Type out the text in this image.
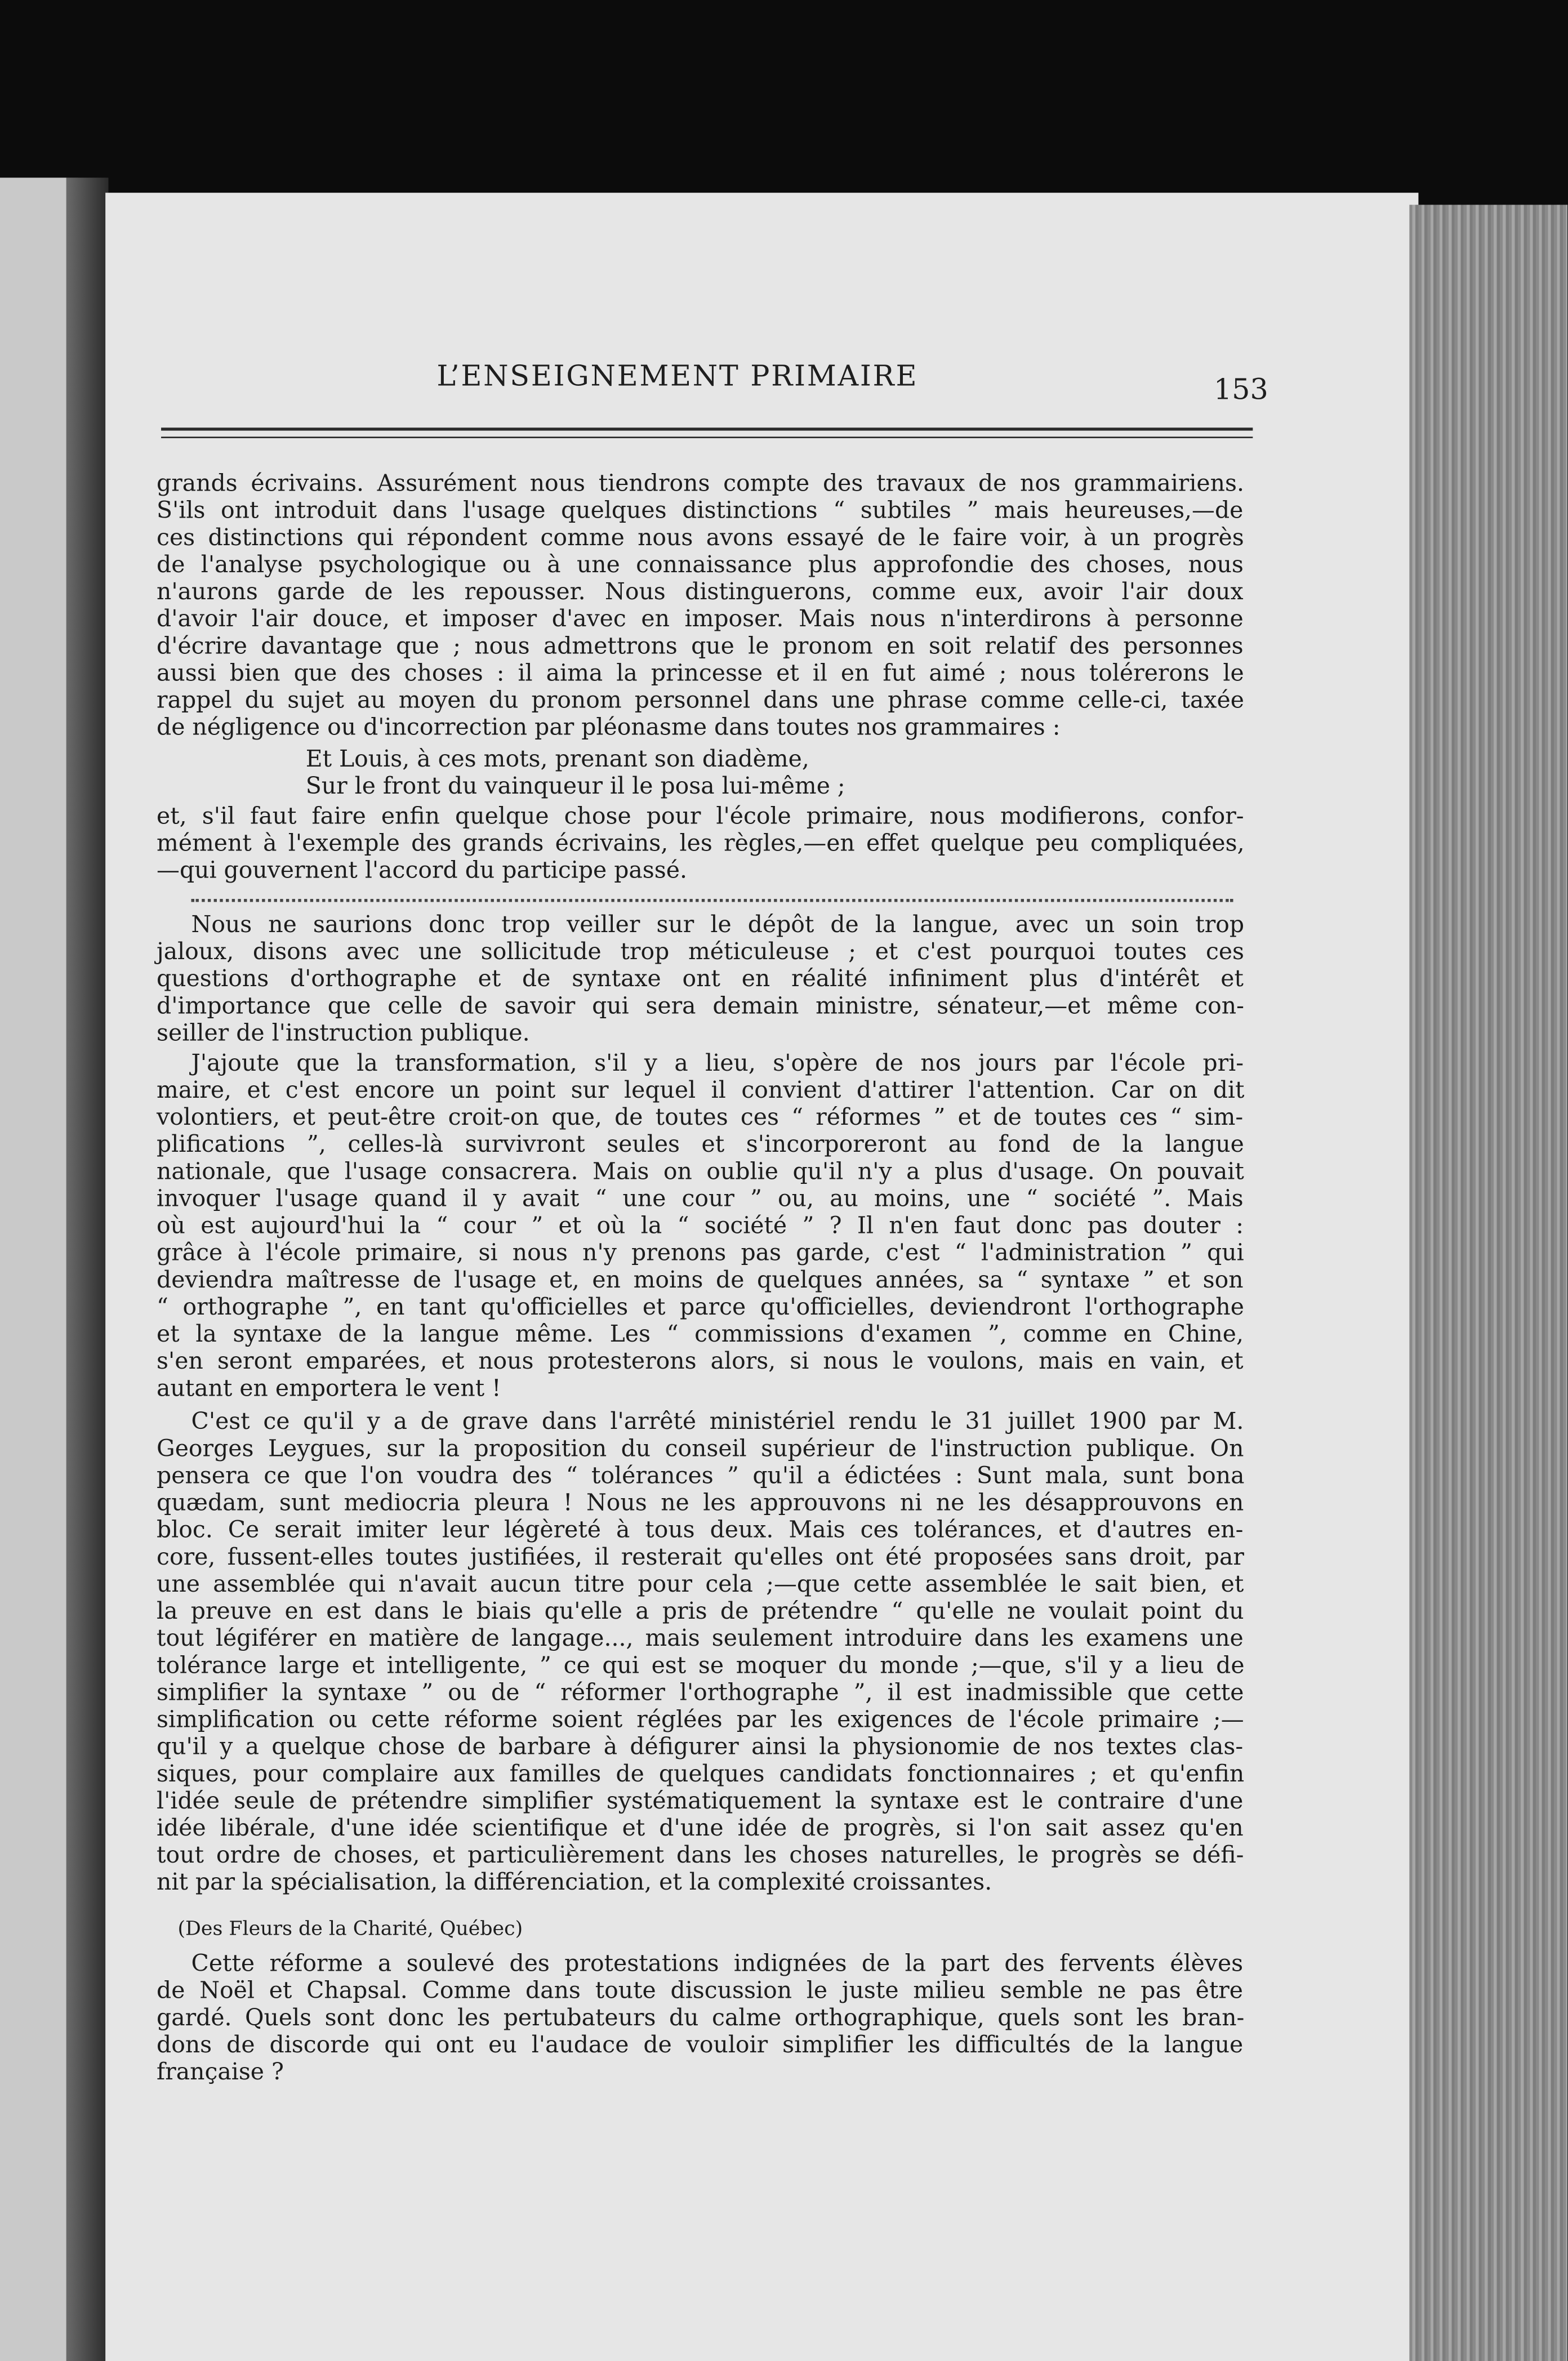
L’ENSEIGNEMENT PRIMAIRE	153
grands écrivains. Assurément nous tiendrons compte des travaux de nos grammairiens.
S'ils ont introduit dans l'usage quelques distinctions “ subtiles ” mais heureuses,—de
ces distinctions qui répondent comme nous avons essayé de le faire voir, à un progrès
de l'analyse psychologique ou à une connaissance plus approfondie des choses, nous
n'aurons garde de les repousser. Nous distinguerons, comme eux, avoir l'air doux
d'avoir l'air douce, et imposer d'avec en imposer. Mais nous n'interdirons à personne
d'écrire davantage que ; nous admettrons que le pronom en soit relatif des personnes
aussi bien que des choses : il aima la princesse et il en fut aimé ; nous tolérerons le
rappel du sujet au moyen du pronom personnel dans une phrase comme celle-ci, taxée
de négligence ou d'incorrection par pléonasme dans toutes nos grammaires :
Et Louis, à ces mots, prenant son diadème,
Sur le front du vainqueur il le posa lui-même ;
et, s'il faut faire enfin quelque chose pour l'école primaire, nous modifierons, confor-
mément à l'exemple des grands écrivains, les règles,—en effet quelque peu compliquées,
—qui gouvernent l'accord du participe passé.
Nous ne saurions donc trop veiller sur le dépôt de la langue, avec un soin trop
jaloux, disons avec une sollicitude trop méticuleuse ; et c'est pourquoi toutes ces
questions d'orthographe et de syntaxe ont en réalité infiniment plus d'intérêt et
d'importance que celle de savoir qui sera demain ministre, sénateur,—et même con-
seiller de l'instruction publique.
J'ajoute que la transformation, s'il y a lieu, s'opère de nos jours par l'école pri-
maire, et c'est encore un point sur lequel il convient d'attirer l'attention. Car on dit
volontiers, et peut-être croit-on que, de toutes ces “ réformes ” et de toutes ces “ sim-
plifications ”, celles-là survivront seules et s'incorporeront au fond de la langue
nationale, que l'usage consacrera. Mais on oublie qu'il n'y a plus d'usage. On pouvait
invoquer l'usage quand il y avait “ une cour ” ou, au moins, une “ société ”. Mais
où est aujourd'hui la “ cour ” et où la “ société ” ? Il n'en faut donc pas douter :
grâce à l'école primaire, si nous n'y prenons pas garde, c'est “ l'administration ” qui
deviendra maîtresse de l'usage et, en moins de quelques années, sa “ syntaxe ” et son
“ orthographe ”, en tant qu'officielles et parce qu'officielles, deviendront l'orthographe
et la syntaxe de la langue même. Les “ commissions d'examen ”, comme en Chine,
s'en seront emparées, et nous protesterons alors, si nous le voulons, mais en vain, et
autant en emportera le vent !
C'est ce qu'il y a de grave dans l'arrêté ministériel rendu le 31 juillet 1900 par M.
Georges Leygues, sur la proposition du conseil supérieur de l'instruction publique. On
pensera ce que l'on voudra des “ tolérances ” qu'il a édictées : Sunt mala, sunt bona
quædam, sunt mediocria pleura ! Nous ne les approuvons ni ne les désapprouvons en
bloc. Ce serait imiter leur légèreté à tous deux. Mais ces tolérances, et d'autres en-
core, fussent-elles toutes justifiées, il resterait qu'elles ont été proposées sans droit, par
une assemblée qui n'avait aucun titre pour cela ;—que cette assemblée le sait bien, et
la preuve en est dans le biais qu'elle a pris de prétendre “ qu'elle ne voulait point du
tout légiférer en matière de langage..., mais seulement introduire dans les examens une
tolérance large et intelligente, ” ce qui est se moquer du monde ;—que, s'il y a lieu de
simplifier la syntaxe ” ou de “ réformer l'orthographe ”, il est inadmissible que cette
simplification ou cette réforme soient réglées par les exigences de l'école primaire ;—
qu'il y a quelque chose de barbare à défigurer ainsi la physionomie de nos textes clas-
siques, pour complaire aux familles de quelques candidats fonctionnaires ; et qu'enfin
l'idée seule de prétendre simplifier systématiquement la syntaxe est le contraire d'une
idée libérale, d'une idée scientifique et d'une idée de progrès, si l'on sait assez qu'en
tout ordre de choses, et particulièrement dans les choses naturelles, le progrès se défi-
nit par la spécialisation, la différenciation, et la complexité croissantes.
(Des Fleurs de la Charité, Québec)
Cette réforme a soulevé des protestations indignées de la part des fervents élèves
de Noël et Chapsal. Comme dans toute discussion le juste milieu semble ne pas être
gardé. Quels sont donc les pertubateurs du calme orthographique, quels sont les bran-
dons de discorde qui ont eu l'audace de vouloir simplifier les difficultés de la langue
française ?
